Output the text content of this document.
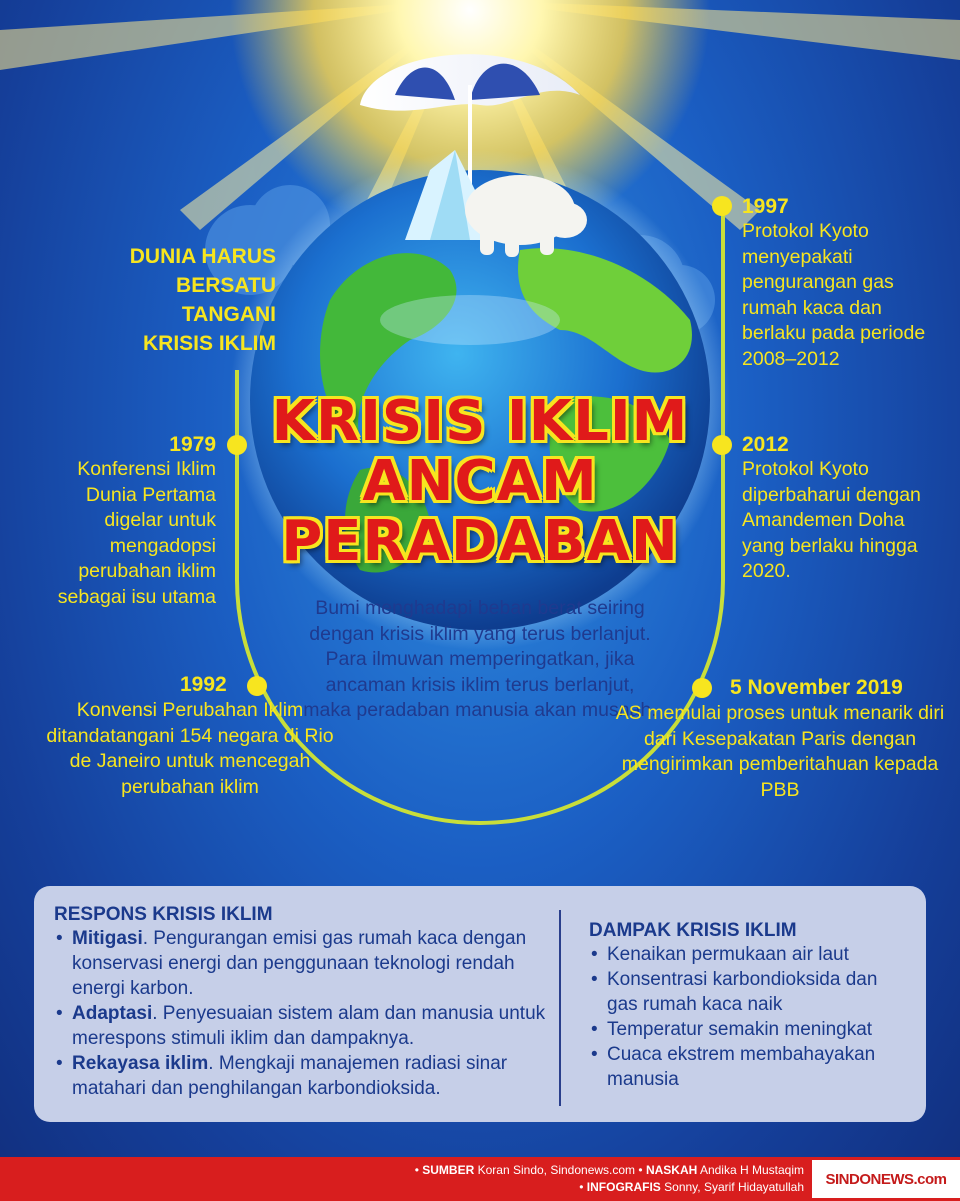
DUNIA HARUS
BERSATU
TANGANI
KRISIS IKLIM
KRISIS IKLIM
ANCAM
PERADABAN
Bumi menghadapi beban berat seiring dengan krisis iklim yang terus berlanjut. Para ilmuwan memperingatkan, jika ancaman krisis iklim terus berlanjut, maka peradaban manusia akan musnah.
1979
Konferensi Iklim Dunia Pertama digelar untuk mengadopsi perubahan iklim sebagai isu utama
1992
Konvensi Perubahan Iklim ditandatangani 154 negara di Rio de Janeiro untuk mencegah perubahan iklim
1997
Protokol Kyoto menyepakati pengurangan gas rumah kaca dan berlaku pada periode 2008–2012
2012
Protokol Kyoto diperbaharui dengan Amandemen Doha yang berlaku hingga 2020.
5 November 2019
AS memulai proses untuk menarik diri dari Kesepakatan Paris dengan mengirimkan pemberitahuan kepada PBB
RESPONS KRISIS IKLIM
• Mitigasi. Pengurangan emisi gas rumah kaca dengan konservasi energi dan penggunaan teknologi rendah energi karbon.
• Adaptasi. Penyesuaian sistem alam dan manusia untuk merespons stimuli iklim dan dampaknya.
• Rekayasa iklim. Mengkaji manajemen radiasi sinar matahari dan penghilangan karbondioksida.
DAMPAK KRISIS IKLIM
• Kenaikan permukaan air laut
• Konsentrasi karbondioksida dan gas rumah kaca naik
• Temperatur semakin meningkat
• Cuaca ekstrem membahayakan manusia
• SUMBER Koran Sindo, Sindonews.com • NASKAH Andika H Mustaqim
• INFOGRAFIS Sonny, Syarif Hidayatullah	SINDONEWS.com
